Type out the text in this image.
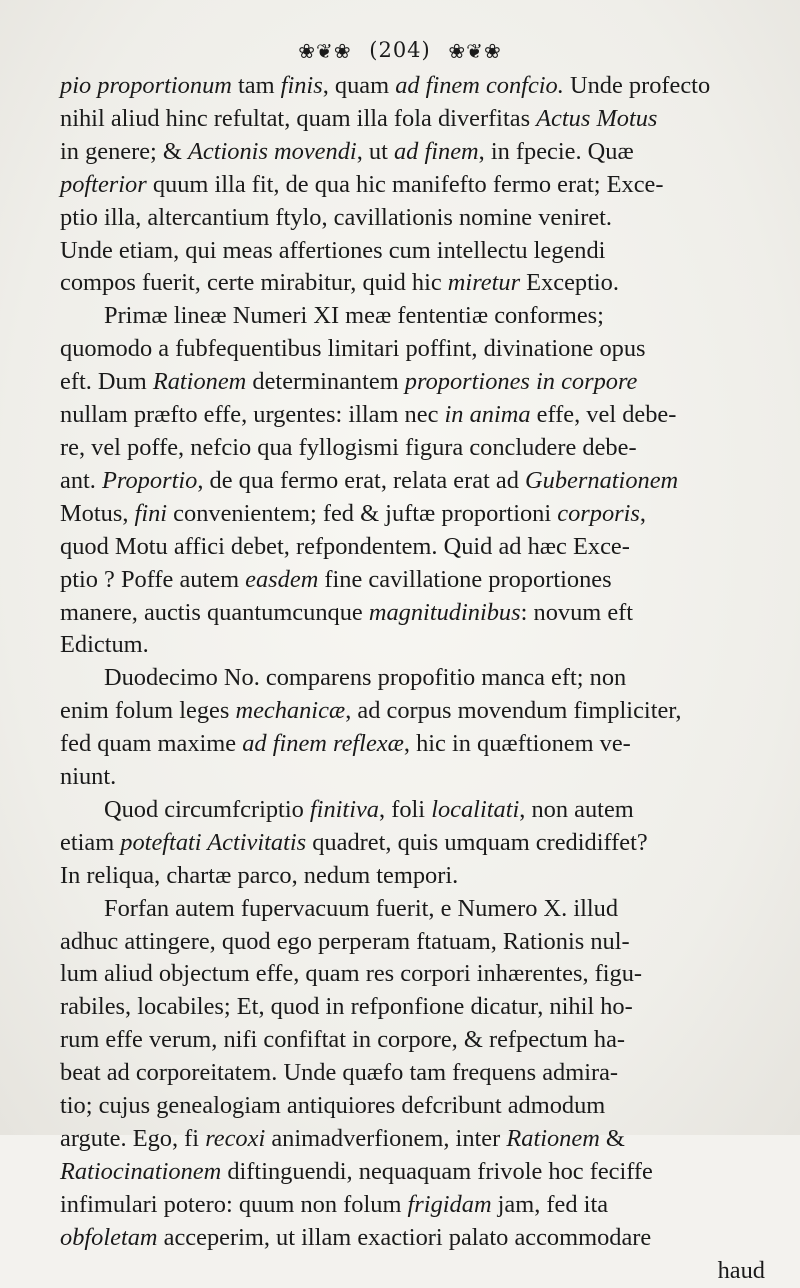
❀❦❀ (204) ❀❦❀
pio proportionum tam finis, quam ad finem confcio. Unde profecto
nihil aliud hinc refultat, quam illa fola diverfitas Actus Motus
in genere; & Actionis movendi, ut ad finem, in fpecie. Quæ
pofterior quum illa fit, de qua hic manifefto fermo erat; Exce-
ptio illa, altercantium ftylo, cavillationis nomine veniret.
Unde etiam, qui meas affertiones cum intellectu legendi
compos fuerit, certe mirabitur, quid hic miretur Exceptio.
Primæ lineæ Numeri XI meæ fententiæ conformes;
quomodo a fubfequentibus limitari poffint, divinatione opus
eft. Dum Rationem determinantem proportiones in corpore
nullam præfto effe, urgentes: illam nec in anima effe, vel debe-
re, vel poffe, nefcio qua fyllogismi figura concludere debe-
ant. Proportio, de qua fermo erat, relata erat ad Gubernationem
Motus, fini convenientem; fed & juftæ proportioni corporis,
quod Motu affici debet, refpondentem. Quid ad hæc Exce-
ptio ? Poffe autem easdem fine cavillatione proportiones
manere, auctis quantumcunque magnitudinibus: novum eft
Edictum.
Duodecimo No. comparens propofitio manca eft; non
enim folum leges mechanicæ, ad corpus movendum fimpliciter,
fed quam maxime ad finem reflexæ, hic in quæftionem ve-
niunt.
Quod circumfcriptio finitiva, foli localitati, non autem
etiam poteftati Activitatis quadret, quis umquam credidiffet?
In reliqua, chartæ parco, nedum tempori.
Forfan autem fupervacuum fuerit, e Numero X. illud
adhuc attingere, quod ego perperam ftatuam, Rationis nul-
lum aliud objectum effe, quam res corpori inhærentes, figu-
rabiles, locabiles; Et, quod in refponfione dicatur, nihil ho-
rum effe verum, nifi confiftat in corpore, & refpectum ha-
beat ad corporeitatem. Unde quæfo tam frequens admira-
tio; cujus genealogiam antiquiores defcribunt admodum
argute. Ego, fi recoxi animadverfionem, inter Rationem &
Ratiocinationem diftinguendi, nequaquam frivole hoc feciffe
infimulari potero: quum non folum frigidam jam, fed ita
obfoletam acceperim, ut illam exactiori palato accommodare
haud
